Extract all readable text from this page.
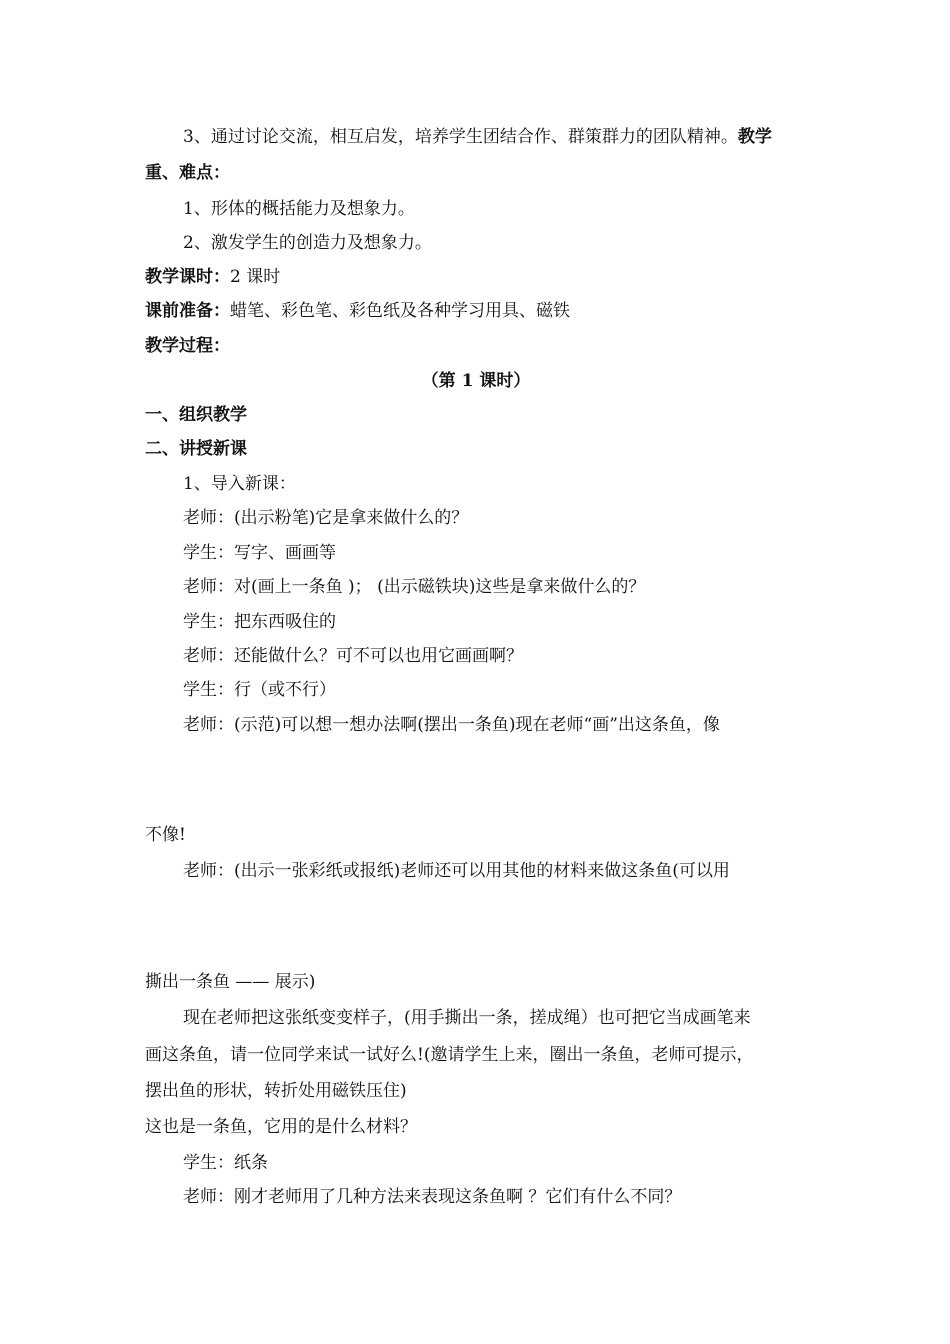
3、通过讨论交流，相互启发，培养学生团结合作、群策群力的团队精神。教学
重、难点：
1、形体的概括能力及想象力。
2、激发学生的创造力及想象力。
教学课时：2 课时
课前准备：蜡笔、彩色笔、彩色纸及各种学习用具、磁铁
教学过程：
（第 1 课时）
一、组织教学
二、讲授新课
1、导入新课：
老师：(出示粉笔)它是拿来做什么的？
学生：写字、画画等
老师：对(画上一条鱼 )； (出示磁铁块)这些是拿来做什么的？
学生：把东西吸住的
老师：还能做什么？可不可以也用它画画啊？
学生：行（或不行）
老师：(示范)可以想一想办法啊(摆出一条鱼)现在老师“画”出这条鱼，像
不像!
老师：(出示一张彩纸或报纸)老师还可以用其他的材料来做这条鱼(可以用
撕出一条鱼 —— 展示)
现在老师把这张纸变变样子，(用手撕出一条，搓成绳）也可把它当成画笔来
画这条鱼，请一位同学来试一试好么!(邀请学生上来，圈出一条鱼，老师可提示，
摆出鱼的形状，转折处用磁铁压住)
这也是一条鱼，它用的是什么材料？
学生：纸条
老师：刚才老师用了几种方法来表现这条鱼啊 ？它们有什么不同？
